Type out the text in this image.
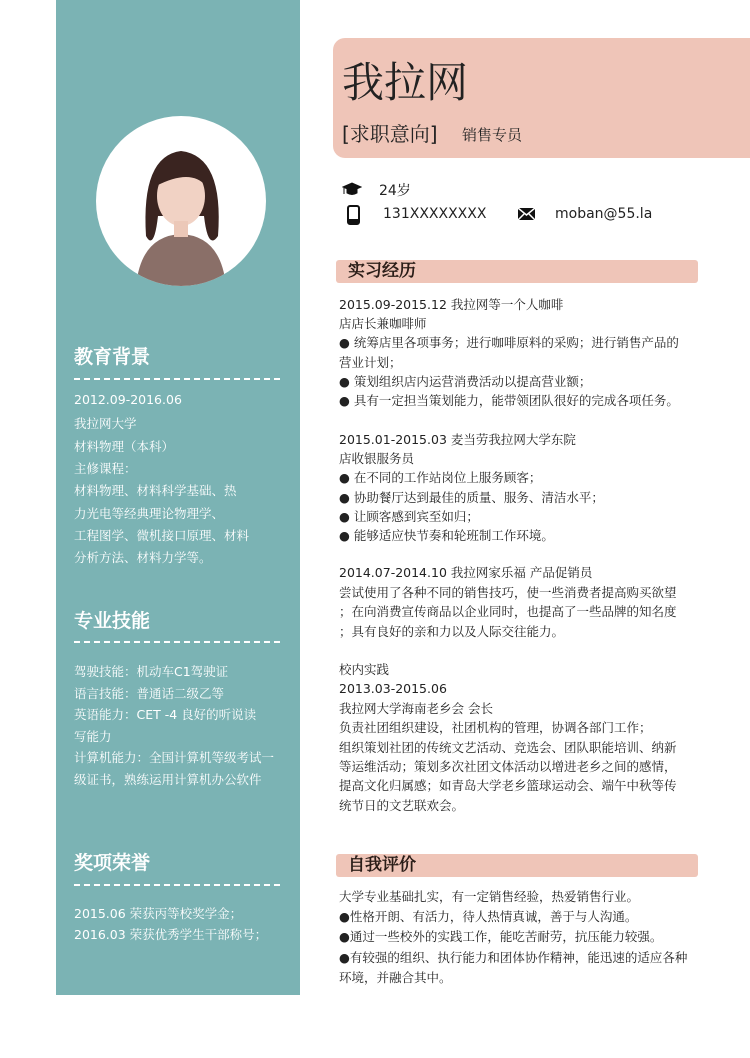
教育背景
2012.09-2016.06
我拉网大学
材料物理（本科）
主修课程：
材料物理、材料科学基础、热
力光电等经典理论物理学、
工程图学、微机接口原理、材料
分析方法、材料力学等。
专业技能
驾驶技能：机动车C1驾驶证
语言技能：普通话二级乙等
英语能力：CET -4 良好的听说读
写能力
计算机能力：全国计算机等级考试一
级证书，熟练运用计算机办公软件
奖项荣誉
2015.06 荣获丙等校奖学金；
2016.03 荣获优秀学生干部称号；
我拉网
[求职意向] 销售专员
24岁
131XXXXXXXX	moban@55.la
实习经历
2015.09-2015.12 我拉网等一个人咖啡
店店长兼咖啡师
● 统筹店里各项事务；进行咖啡原料的采购；进行销售产品的
营业计划；
● 策划组织店内运营消费活动以提高营业额；
● 具有一定担当策划能力，能带领团队很好的完成各项任务。
2015.01-2015.03 麦当劳我拉网大学东院
店收银服务员
● 在不同的工作站岗位上服务顾客；
● 协助餐厅达到最佳的质量、服务、清洁水平；
● 让顾客感到宾至如归；
● 能够适应快节奏和轮班制工作环境。
2014.07-2014.10 我拉网家乐福 产品促销员
尝试使用了各种不同的销售技巧，使一些消费者提高购买欲望
；在向消费宣传商品以企业同时，也提高了一些品牌的知名度
；具有良好的亲和力以及人际交往能力。
校内实践
2013.03-2015.06
我拉网大学海南老乡会 会长
负责社团组织建设，社团机构的管理，协调各部门工作；
组织策划社团的传统文艺活动、竞选会、团队职能培训、纳新
等运维活动；策划多次社团文体活动以增进老乡之间的感情，
提高文化归属感；如青岛大学老乡篮球运动会、端午中秋等传
统节日的文艺联欢会。
自我评价
大学专业基础扎实，有一定销售经验，热爱销售行业。
●性格开朗、有活力，待人热情真诚，善于与人沟通。
●通过一些校外的实践工作，能吃苦耐劳，抗压能力较强。
●有较强的组织、执行能力和团体协作精神，能迅速的适应各种
环境，并融合其中。
